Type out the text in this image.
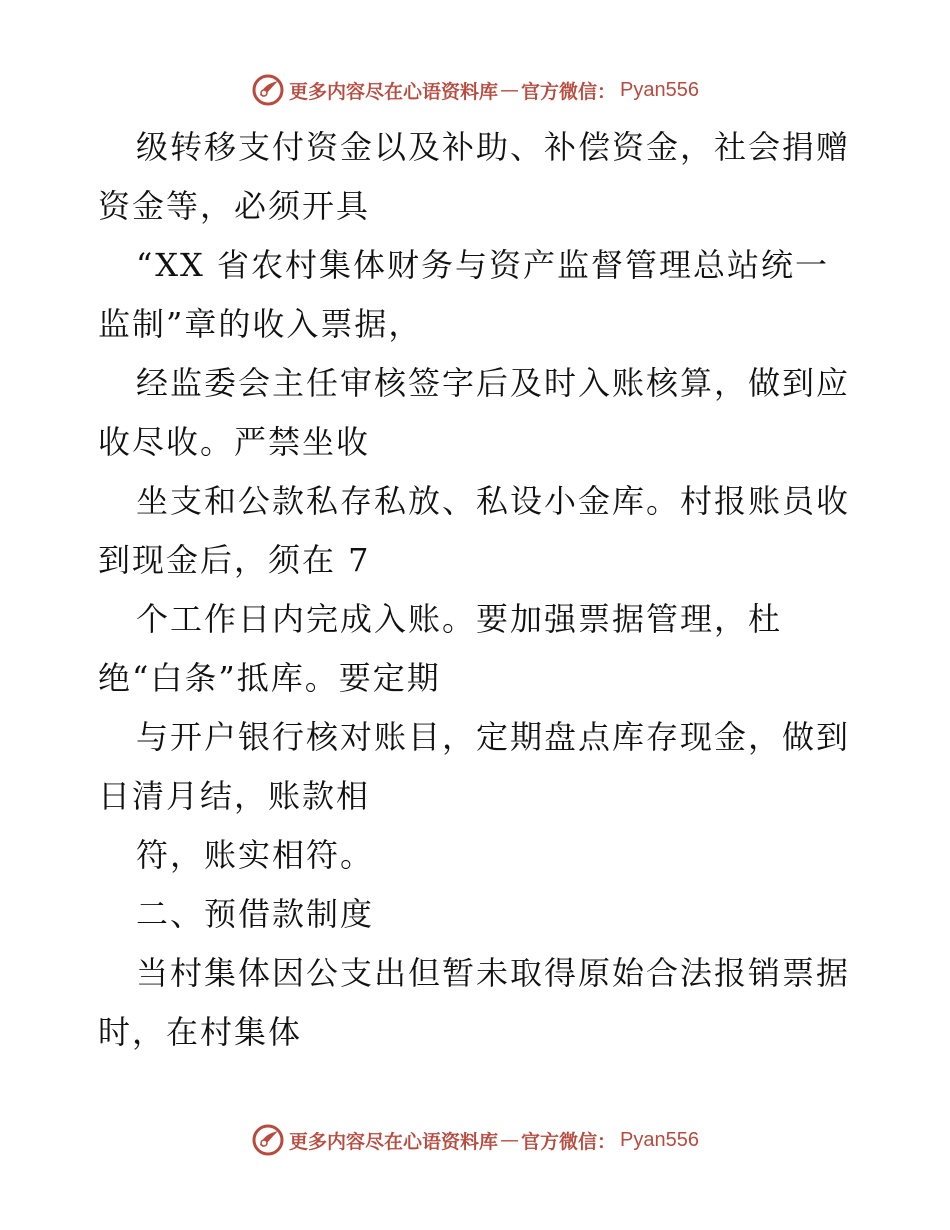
更多内容尽在心语资料库 — 官方微信： Pyan556
级转移支付资金以及补助、补偿资金，社会捐赠
资金等，必须开具
“XX 省农村集体财务与资产监督管理总站统一
监制”章的收入票据，
经监委会主任审核签字后及时入账核算，做到应
收尽收。严禁坐收
坐支和公款私存私放、私设小金库。村报账员收
到现金后，须在 7
个工作日内完成入账。要加强票据管理，杜
绝“白条”抵库。要定期
与开户银行核对账目，定期盘点库存现金，做到
日清月结，账款相
符，账实相符。
二、预借款制度
当村集体因公支出但暂未取得原始合法报销票据
时，在村集体
更多内容尽在心语资料库 — 官方微信： Pyan556
